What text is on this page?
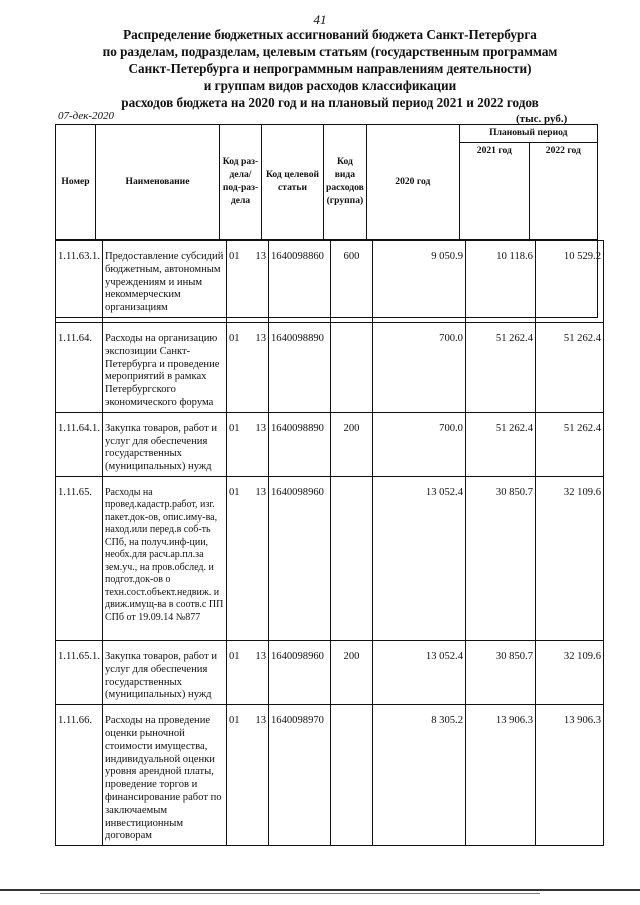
41
Распределение бюджетных ассигнований бюджета Санкт-Петербурга
по разделам, подразделам, целевым статьям (государственным программам
Санкт-Петербурга и непрограммным направлениям деятельности)
и группам видов расходов классификации
расходов бюджета на 2020 год и на плановый период 2021 и 2022 годов
07-дек-2020	(тыс. руб.)
Номер	Наименование	Код раз-дела/ под-раз-дела	Код целевой статьи	Код вида расходов (группа)	2020 год	Плановый период	
						2021 год	2022 год

1.11.63.1.	Предоставление субсидий бюджетным, автономным учреждениям и иным некоммерческим организациям	01 13	1640098860	600	9 050.9	10 118.6	10 529.2
1.11.64.	Расходы на организацию экспозиции Санкт-Петербурга и проведение мероприятий в рамках Петербургского экономического форума	01 13	1640098890		700.0	51 262.4	51 262.4
1.11.64.1.	Закупка товаров, работ и услуг для обеспечения государственных (муниципальных) нужд	01 13	1640098890	200	700.0	51 262.4	51 262.4
1.11.65.	Расходы на провед.кадастр.работ, изг. пакет.док-ов, опис.иму-ва, наход.или перед.в соб-ть СПб, на получ.инф-ции, необх.для расч.ар.пл.за зем.уч., на пров.обслед. и подгот.док-ов о техн.сост.объект.недвиж. и движ.имущ-ва в соотв.с ПП СПб от 19.09.14 №877	01 13	1640098960		13 052.4	30 850.7	32 109.6
1.11.65.1.	Закупка товаров, работ и услуг для обеспечения государственных (муниципальных) нужд	01 13	1640098960	200	13 052.4	30 850.7	32 109.6
1.11.66.	Расходы на проведение оценки рыночной стоимости имущества, индивидуальной оценки уровня арендной платы, проведение торгов и финансирование работ по заключаемым инвестиционным договорам	01 13	1640098970		8 305.2	13 906.3	13 906.3
